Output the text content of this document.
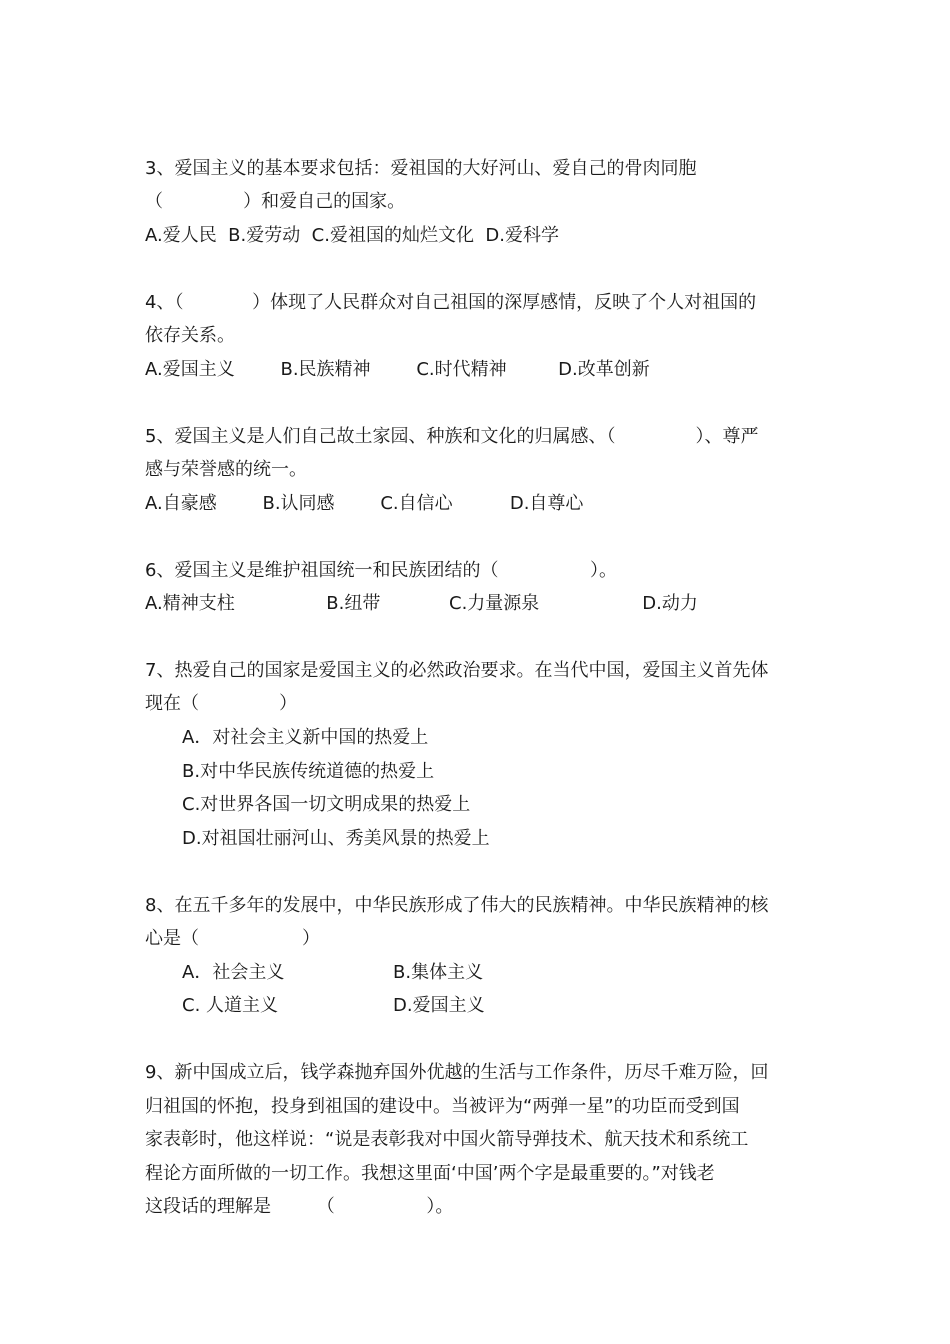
3、爱国主义的基本要求包括：爱祖国的大好河山、爱自己的骨肉同胞
（              ）和爱自己的国家。
A.爱人民  B.爱劳动  C.爱祖国的灿烂文化  D.爱科学
4、（            ）体现了人民群众对自己祖国的深厚感情，反映了个人对祖国的
依存关系。
A.爱国主义        B.民族精神        C.时代精神         D.改革创新
5、爱国主义是人们自己故土家园、种族和文化的归属感、（              ）、尊严
感与荣誉感的统一。
A.自豪感        B.认同感        C.自信心          D.自尊心
6、爱国主义是维护祖国统一和民族团结的（                ）。
A.精神支柱                B.纽带            C.力量源泉                  D.动力
7、热爱自己的国家是爱国主义的必然政治要求。在当代中国，爱国主义首先体
现在（              ）
A．对社会主义新中国的热爱上
B.对中华民族传统道德的热爱上
C.对世界各国一切文明成果的热爱上
D.对祖国壮丽河山、秀美风景的热爱上
8、在五千多年的发展中，中华民族形成了伟大的民族精神。中华民族精神的核
心是（                  ）
A．社会主义	B.集体主义
C. 人道主义	D.爱国主义
9、新中国成立后，钱学森抛弃国外优越的生活与工作条件，历尽千难万险，回
归祖国的怀抱，投身到祖国的建设中。当被评为“两弹一星”的功臣而受到国
家表彰时，他这样说：“说是表彰我对中国火箭导弹技术、航天技术和系统工
程论方面所做的一切工作。我想这里面‘中国’两个字是最重要的。”对钱老
这段话的理解是        （                ）。
